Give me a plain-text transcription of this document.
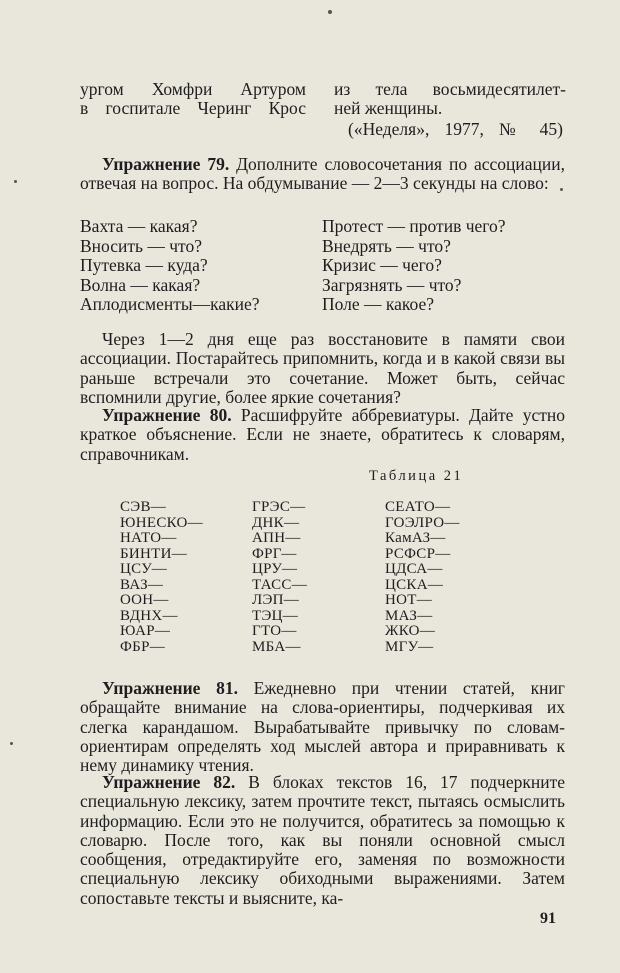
ургом Хомфри Артуром
в госпитале Черинг Крос
из тела восьмидесятилет-
ней женщины.
(«Неделя», 1977, № 45)
Упражнение 79. Дополните словосочетания по ассоциации, отвечая на вопрос. На обдумывание — 2—3 секунды на слово:
Вахта — какая?
Вносить — что?
Путевка — куда?
Волна — какая?
Аплодисменты—какие?
Протест — против чего?
Внедрять — что?
Кризис — чего?
Загрязнять — что?
Поле — какое?
Через 1—2 дня еще раз восстановите в памяти свои ассоциации. Постарайтесь припомнить, когда и в какой связи вы раньше встречали это сочетание. Может быть, сейчас вспомнили другие, более яркие сочетания?
Упражнение 80. Расшифруйте аббревиатуры. Дайте устно краткое объяснение. Если не знаете, обратитесь к словарям, справочникам.
Таблица 21
СЭВ—
ЮНЕСКО—
НАТО—
БИНТИ—
ЦСУ—
ВАЗ—
ООН—
ВДНХ—
ЮАР—
ФБР—
ГРЭС—
ДНК—
АПН—
ФРГ—
ЦРУ—
ТАСС—
ЛЭП—
ТЭЦ—
ГТО—
МБА—
СЕАТО—
ГОЭЛРО—
КамАЗ—
РСФСР—
ЦДСА—
ЦСКА—
НОТ—
МАЗ—
ЖКО—
МГУ—
Упражнение 81. Ежедневно при чтении статей, книг обращайте внимание на слова-ориентиры, подчеркивая их слегка карандашом. Вырабатывайте привычку по словам-ориентирам определять ход мыслей автора и приравнивать к нему динамику чтения.
Упражнение 82. В блоках текстов 16, 17 подчеркните специальную лексику, затем прочтите текст, пытаясь осмыслить информацию. Если это не получится, обратитесь за помощью к словарю. После того, как вы поняли основной смысл сообщения, отредактируйте его, заменяя по возможности специальную лексику обиходными выражениями. Затем сопоставьте тексты и выясните, ка-
91
